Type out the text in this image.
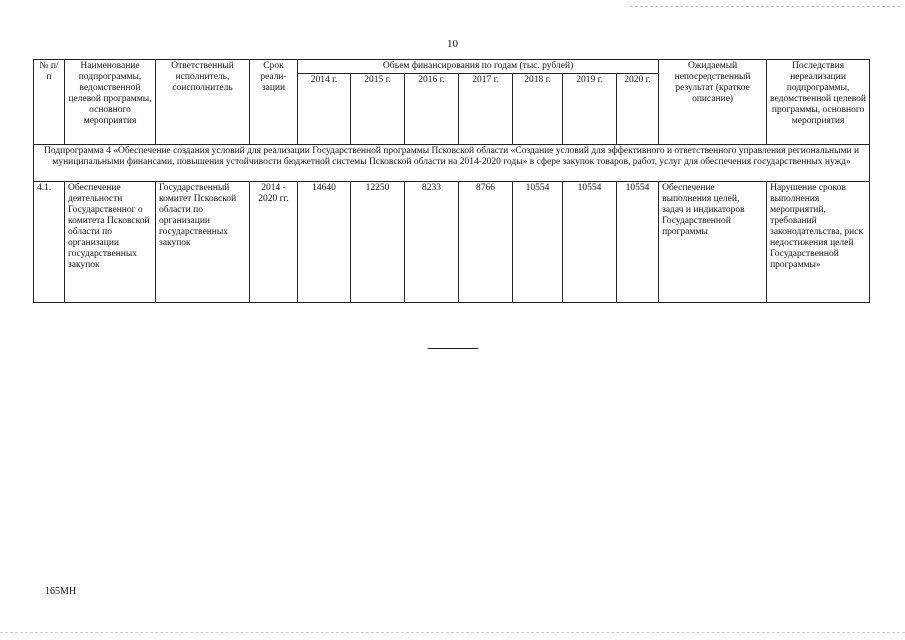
10
№ п/п	Наименование подпрограммы, ведомственной целевой программы, основного мероприятия	Ответственный исполнитель, соисполнитель	Срок реали- зации	Объем финансирования по годам (тыс. рублей)							Ожидаемый непосредственный результат (краткое описание)	Последствия нереализации подпрограммы, ведомственной целевой программы, основного мероприятия
				2014 г.	2015 г.	2016 г.	2017 г.	2018 г.	2019 г.	2020 г.		
Подпрограмма 4 «Обеспечение создания условий для реализации Государственной программы Псковской области «Создание условий для эффективного и ответственного управления региональными и муниципальными финансами, повышения устойчивости бюджетной системы Псковской области на 2014-2020 годы» в сфере закупок товаров, работ, услуг для обеспечения государственных нужд»												
4.1.	Обеспечение деятельности Государственног о комитета Псковской области по организации государственных закупок	Государственный комитет Псковской области по организации государственных закупок	2014 - 2020 гг.	14640	12250	8233	8766	10554	10554	10554	Обеспечение выполнения целей, задач и индикаторов Государственной программы	Нарушение сроков выполнения мероприятий, требований законодательства, риск недостижения целей Государственной программы»
165МН
